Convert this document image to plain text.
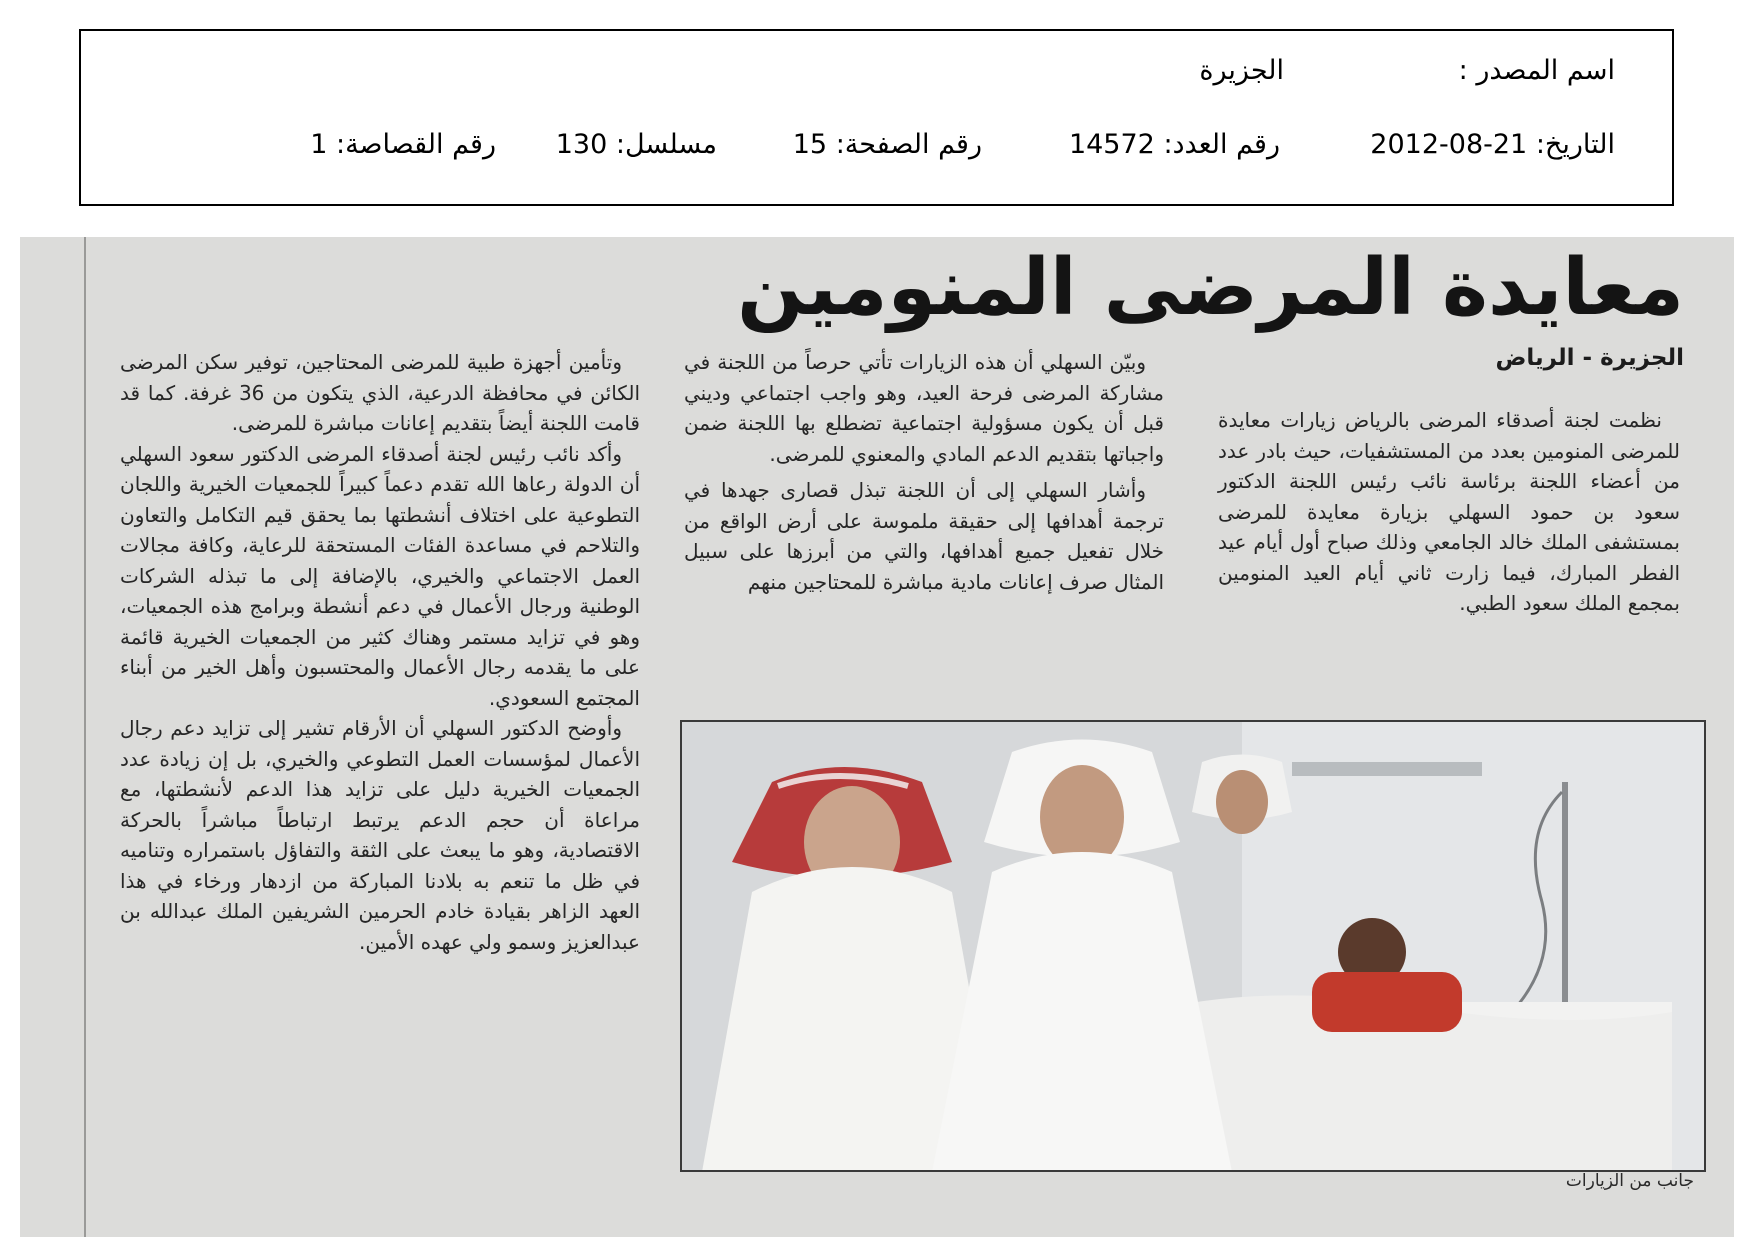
اسم المصدر :
الجزيرة
التاريخ: 21-08-2012
رقم العدد: 14572
رقم الصفحة: 15
مسلسل: 130
رقم القصاصة: 1
معايدة المرضى المنومين
الجزيرة - الرياض

نظمت لجنة أصدقاء المرضى بالرياض زيارات معايدة للمرضى المنومين بعدد من المستشفيات، حيث بادر عدد من أعضاء اللجنة برئاسة نائب رئيس اللجنة الدكتور سعود بن حمود السهلي بزيارة معايدة للمرضى بمستشفى الملك خالد الجامعي وذلك صباح أول أيام عيد الفطر المبارك، فيما زارت ثاني أيام العيد المنومين بمجمع الملك سعود الطبي.

وبيّن السهلي أن هذه الزيارات تأتي حرصاً من اللجنة في مشاركة المرضى فرحة العيد، وهو واجب اجتماعي وديني قبل أن يكون مسؤولية اجتماعية تضطلع بها اللجنة ضمن واجباتها بتقديم الدعم المادي والمعنوي للمرضى.

وأشار السهلي إلى أن اللجنة تبذل قصارى جهدها في ترجمة أهدافها إلى حقيقة ملموسة على أرض الواقع من خلال تفعيل جميع أهدافها، والتي من أبرزها على سبيل المثال صرف إعانات مادية مباشرة للمحتاجين منهم

وتأمين أجهزة طبية للمرضى المحتاجين، توفير سكن المرضى الكائن في محافظة الدرعية، الذي يتكون من 36 غرفة. كما قد قامت اللجنة أيضاً بتقديم إعانات مباشرة للمرضى.

وأكد نائب رئيس لجنة أصدقاء المرضى الدكتور سعود السهلي أن الدولة رعاها الله تقدم دعماً كبيراً للجمعيات الخيرية واللجان التطوعية على اختلاف أنشطتها بما يحقق قيم التكامل والتعاون والتلاحم في مساعدة الفئات المستحقة للرعاية، وكافة مجالات العمل الاجتماعي والخيري، بالإضافة إلى ما تبذله الشركات الوطنية ورجال الأعمال في دعم أنشطة وبرامج هذه الجمعيات، وهو في تزايد مستمر وهناك كثير من الجمعيات الخيرية قائمة على ما يقدمه رجال الأعمال والمحتسبون وأهل الخير من أبناء المجتمع السعودي.

وأوضح الدكتور السهلي أن الأرقام تشير إلى تزايد دعم رجال الأعمال لمؤسسات العمل التطوعي والخيري، بل إن زيادة عدد الجمعيات الخيرية دليل على تزايد هذا الدعم لأنشطتها، مع مراعاة أن حجم الدعم يرتبط ارتباطاً مباشراً بالحركة الاقتصادية، وهو ما يبعث على الثقة والتفاؤل باستمراره وتناميه في ظل ما تنعم به بلادنا المباركة من ازدهار ورخاء في هذا العهد الزاهر بقيادة خادم الحرمين الشريفين الملك عبدالله بن عبدالعزيز وسمو ولي عهده الأمين.

جانب من الزيارات
